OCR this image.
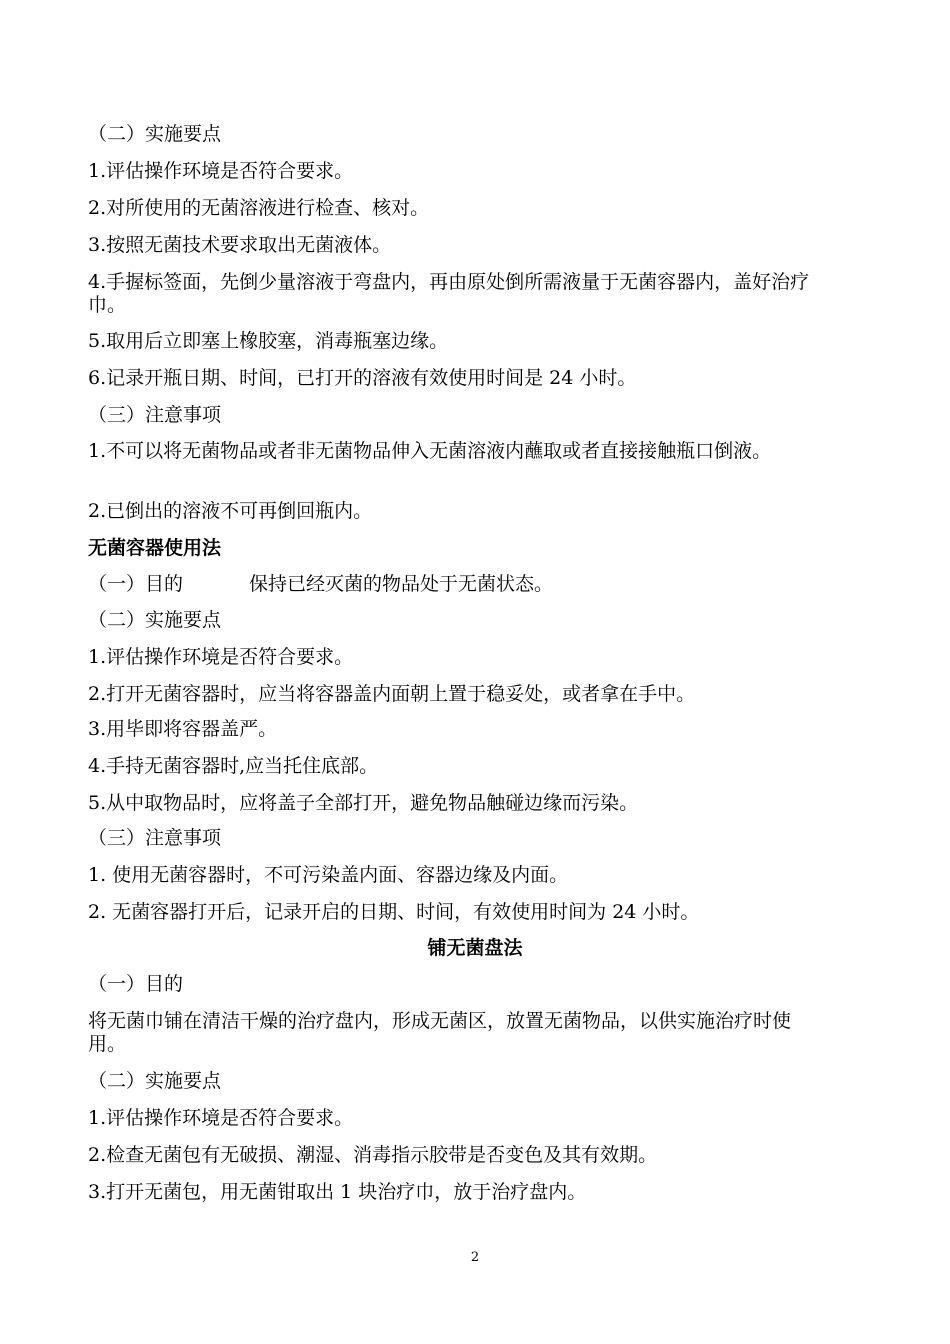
（二）实施要点
1.评估操作环境是否符合要求。
2.对所使用的无菌溶液进行检查、核对。
3.按照无菌技术要求取出无菌液体。
4.手握标签面，先倒少量溶液于弯盘内，再由原处倒所需液量于无菌容器内，盖好治疗巾。
5.取用后立即塞上橡胶塞，消毒瓶塞边缘。
6.记录开瓶日期、时间，已打开的溶液有效使用时间是 24 小时。
（三）注意事项
1.不可以将无菌物品或者非无菌物品伸入无菌溶液内蘸取或者直接接触瓶口倒液。
2.已倒出的溶液不可再倒回瓶内。
无菌容器使用法
（一）目的	保持已经灭菌的物品处于无菌状态。
（二）实施要点
1.评估操作环境是否符合要求。
2.打开无菌容器时，应当将容器盖内面朝上置于稳妥处，或者拿在手中。
3.用毕即将容器盖严。
4.手持无菌容器时,应当托住底部。
5.从中取物品时，应将盖子全部打开，避免物品触碰边缘而污染。
（三）注意事项
1. 使用无菌容器时，不可污染盖内面、容器边缘及内面。
2. 无菌容器打开后，记录开启的日期、时间，有效使用时间为 24 小时。
铺无菌盘法
（一）目的
将无菌巾铺在清洁干燥的治疗盘内，形成无菌区，放置无菌物品，以供实施治疗时使用。
（二）实施要点
1.评估操作环境是否符合要求。
2.检查无菌包有无破损、潮湿、消毒指示胶带是否变色及其有效期。
3.打开无菌包，用无菌钳取出 1 块治疗巾，放于治疗盘内。
2
